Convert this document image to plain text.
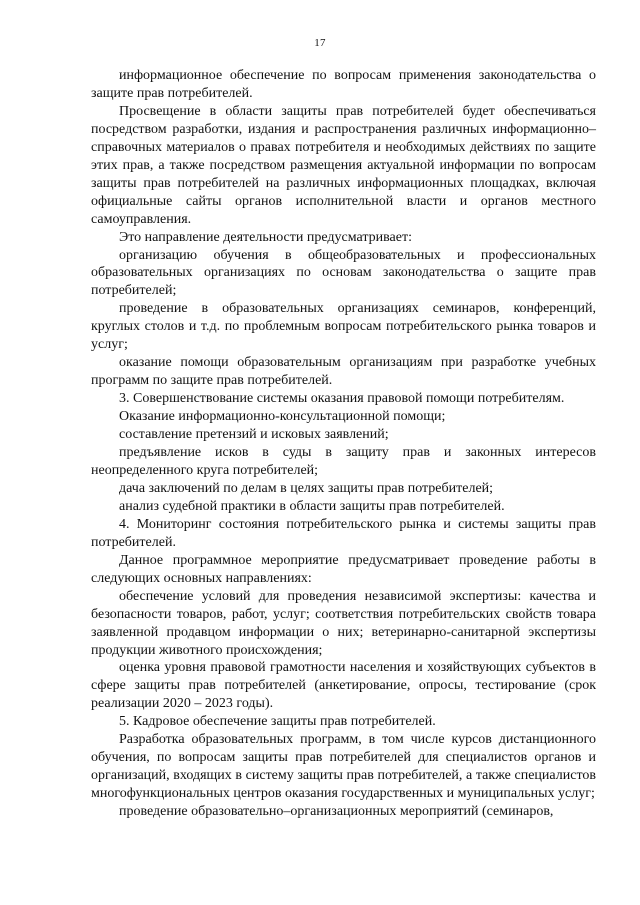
17

информационное обеспечение по вопросам применения законодательства о защите прав потребителей.

Просвещение в области защиты прав потребителей будет обеспечиваться посредством разработки, издания и распространения различных информационно–справочных материалов о правах потребителя и необходимых действиях по защите этих прав, а также посредством размещения актуальной информации по вопросам защиты прав потребителей на различных информационных площадках, включая официальные сайты органов исполнительной власти и органов местного самоуправления.

Это направление деятельности предусматривает:

организацию обучения в общеобразовательных и профессиональных образовательных организациях по основам законодательства о защите прав потребителей;

проведение в образовательных организациях семинаров, конференций, круглых столов и т.д. по проблемным вопросам потребительского рынка товаров и услуг;

оказание помощи образовательным организациям при разработке учебных программ по защите прав потребителей.

3. Совершенствование системы оказания правовой помощи потребителям.

Оказание информационно-консультационной помощи;

составление претензий и исковых заявлений;

предъявление исков в суды в защиту прав и законных интересов неопределенного круга потребителей;

дача заключений по делам в целях защиты прав потребителей;

анализ судебной практики в области защиты прав потребителей.

4. Мониторинг состояния потребительского рынка и системы защиты прав потребителей.

Данное программное мероприятие предусматривает проведение работы в следующих основных направлениях:

обеспечение условий для проведения независимой экспертизы: качества и безопасности товаров, работ, услуг; соответствия потребительских свойств товара заявленной продавцом информации о них; ветеринарно-санитарной экспертизы продукции животного происхождения;

оценка уровня правовой грамотности населения и хозяйствующих субъектов в сфере защиты прав потребителей (анкетирование, опросы, тестирование (срок реализации 2020 – 2023 годы).

5. Кадровое обеспечение защиты прав потребителей.

Разработка образовательных программ, в том числе курсов дистанционного обучения, по вопросам защиты прав потребителей для специалистов органов и организаций, входящих в систему защиты прав потребителей, а также специалистов многофункциональных центров оказания государственных и муниципальных услуг;

проведение образовательно–организационных мероприятий (семинаров,
